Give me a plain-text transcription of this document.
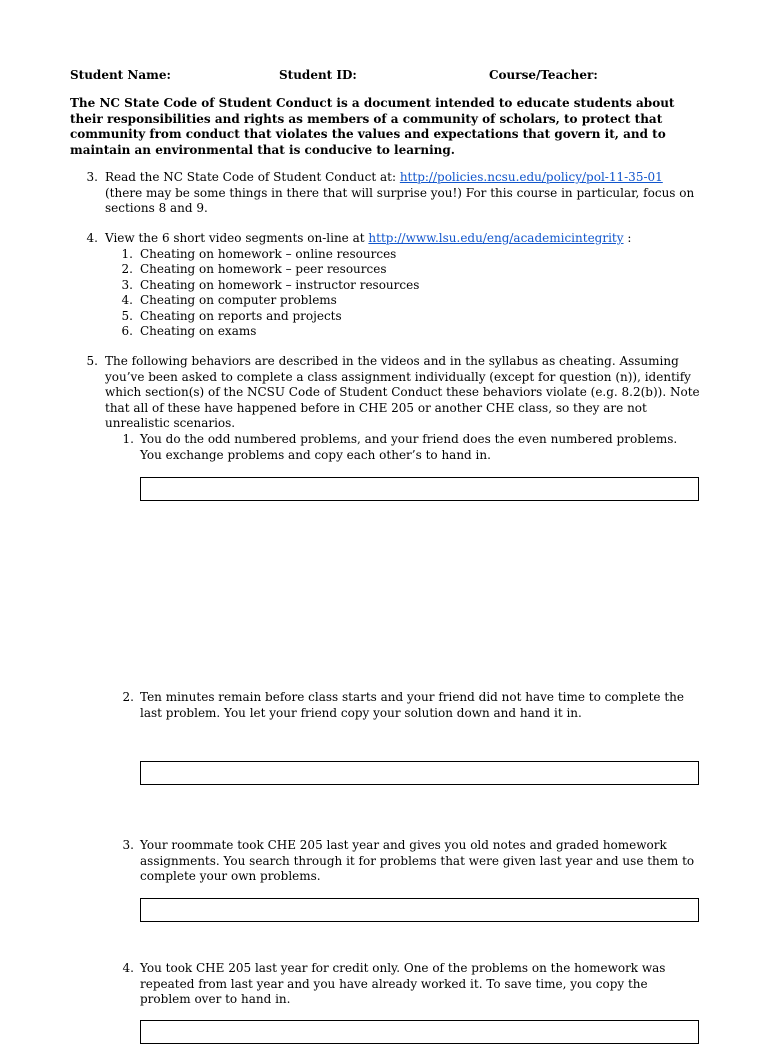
Student Name:	Student ID:	Course/Teacher:
The NC State Code of Student Conduct is a document intended to educate students about their responsibilities and rights as members of a community of scholars, to protect that community from conduct that violates the values and expectations that govern it, and to maintain an environmental that is conducive to learning.
3. Read the NC State Code of Student Conduct at: http://policies.ncsu.edu/policy/pol-11-35-01 (there may be some things in there that will surprise you!) For this course in particular, focus on sections 8 and 9.
4. View the 6 short video segments on-line at http://www.lsu.edu/eng/academicintegrity :
1. Cheating on homework – online resources
2. Cheating on homework – peer resources
3. Cheating on homework – instructor resources
4. Cheating on computer problems
5. Cheating on reports and projects
6. Cheating on exams
5. The following behaviors are described in the videos and in the syllabus as cheating. Assuming you’ve been asked to complete a class assignment individually (except for question (n)), identify which section(s) of the NCSU Code of Student Conduct these behaviors violate (e.g. 8.2(b)). Note that all of these have happened before in CHE 205 or another CHE class, so they are not unrealistic scenarios.
1. You do the odd numbered problems, and your friend does the even numbered problems. You exchange problems and copy each other’s to hand in.
2. Ten minutes remain before class starts and your friend did not have time to complete the last problem. You let your friend copy your solution down and hand it in.
3. Your roommate took CHE 205 last year and gives you old notes and graded homework assignments. You search through it for problems that were given last year and use them to complete your own problems.
4. You took CHE 205 last year for credit only. One of the problems on the homework was repeated from last year and you have already worked it. To save time, you copy the problem over to hand in.
